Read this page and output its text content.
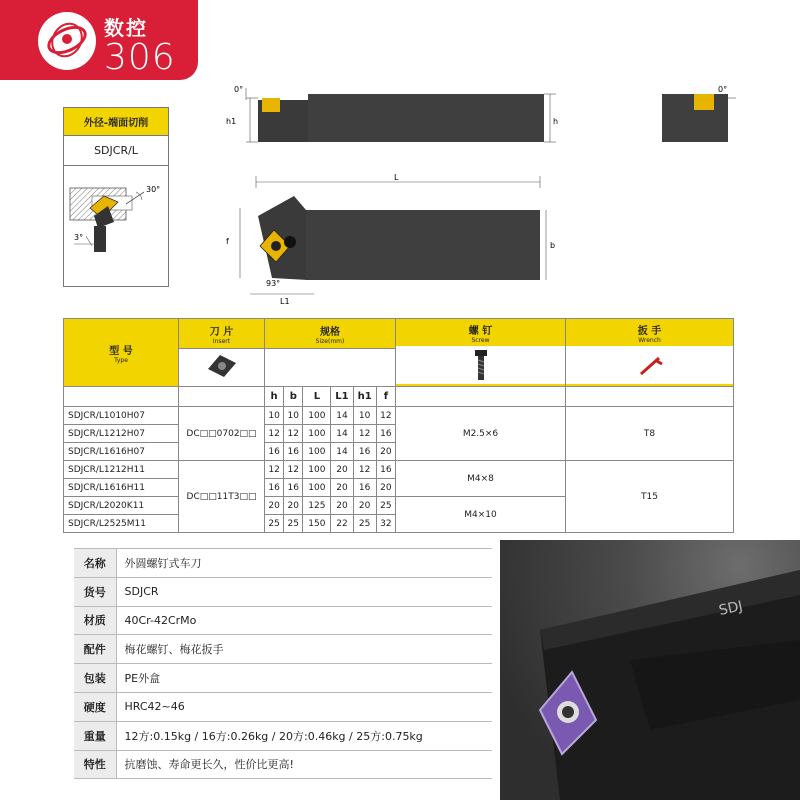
数控
306
外径-端面切削
SDJCR/L
30°
3°
0°
h1	h
0°
L
f	b
93°
L1
型 号
Type	刀 片
Insert	规格
Size(mm)						螺 钉
Screw	扳 手
Wrench

		h	b	L	L1	h1	f		
SDJCR/L1010H07	DC□□0702□□	10	10	100	14	10	12	M2.5×6	T8
SDJCR/L1212H07		12	12	100	14	12	16		
SDJCR/L1616H07		16	16	100	14	16	20		
SDJCR/L1212H11	DC□□11T3□□	12	12	100	20	12	16	M4×8	T15
SDJCR/L1616H11		16	16	100	20	16	20		
SDJCR/L2020K11		20	20	125	20	20	25	M4×10	
SDJCR/L2525M11		25	25	150	22	25	32		
名称	外圆螺钉式车刀
货号	SDJCR
材质	40Cr-42CrMo
配件	梅花螺钉、梅花扳手
包装	PE外盒
硬度	HRC42~46
重量	12方:0.15kg / 16方:0.26kg / 20方:0.46kg / 25方:0.75kg
特性	抗磨蚀、寿命更长久，性价比更高!
SDJ
